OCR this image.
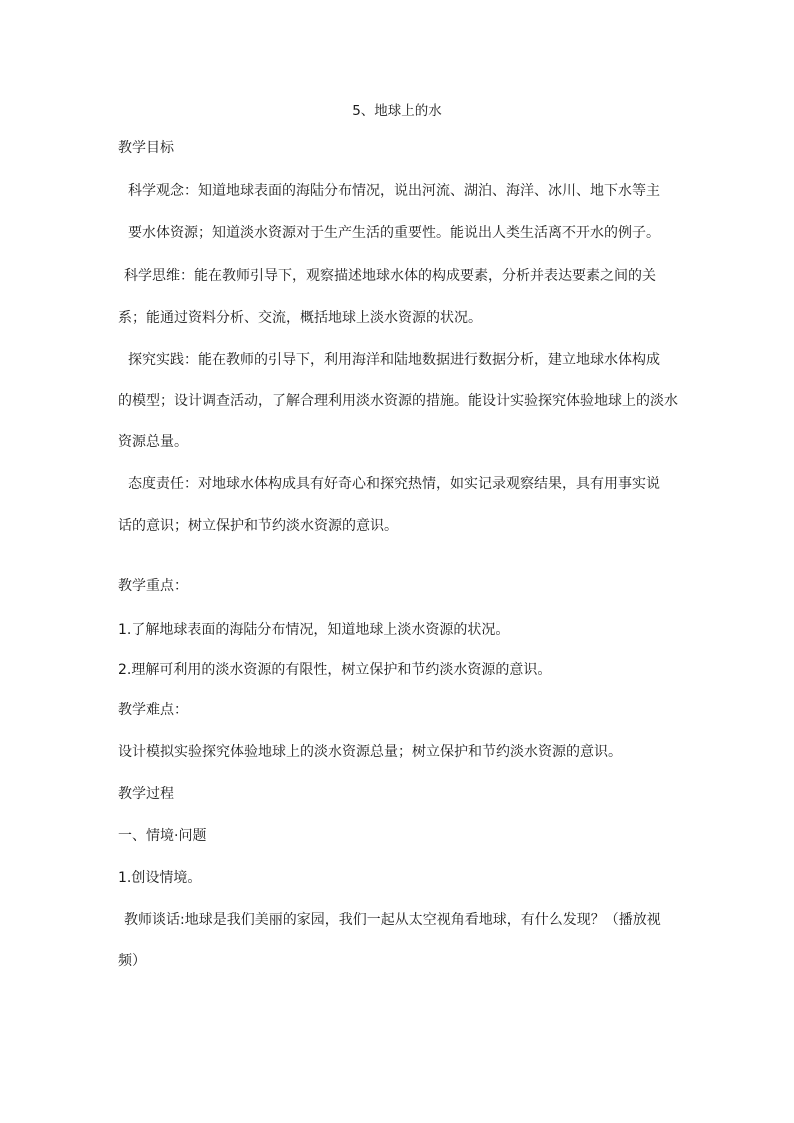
5、地球上的水
教学目标
科学观念：知道地球表面的海陆分布情况，说出河流、湖泊、海洋、冰川、地下水等主
要水体资源；知道淡水资源对于生产生活的重要性。能说出人类生活离不开水的例子。
科学思维：能在教师引导下，观察描述地球水体的构成要素，分析并表达要素之间的关
系；能通过资料分析、交流，概括地球上淡水资源的状况。
探究实践：能在教师的引导下，利用海洋和陆地数据进行数据分析，建立地球水体构成
的模型；设计调查活动，了解合理利用淡水资源的措施。能设计实验探究体验地球上的淡水
资源总量。
态度责任：对地球水体构成具有好奇心和探究热情，如实记录观察结果，具有用事实说
话的意识；树立保护和节约淡水资源的意识。
教学重点：
1.了解地球表面的海陆分布情况，知道地球上淡水资源的状况。
2.理解可利用的淡水资源的有限性，树立保护和节约淡水资源的意识。
教学难点：
设计模拟实验探究体验地球上的淡水资源总量；树立保护和节约淡水资源的意识。
教学过程
一、情境·问题
1.创设情境。
教师谈话:地球是我们美丽的家园，我们一起从太空视角看地球，有什么发现？（播放视
频）
